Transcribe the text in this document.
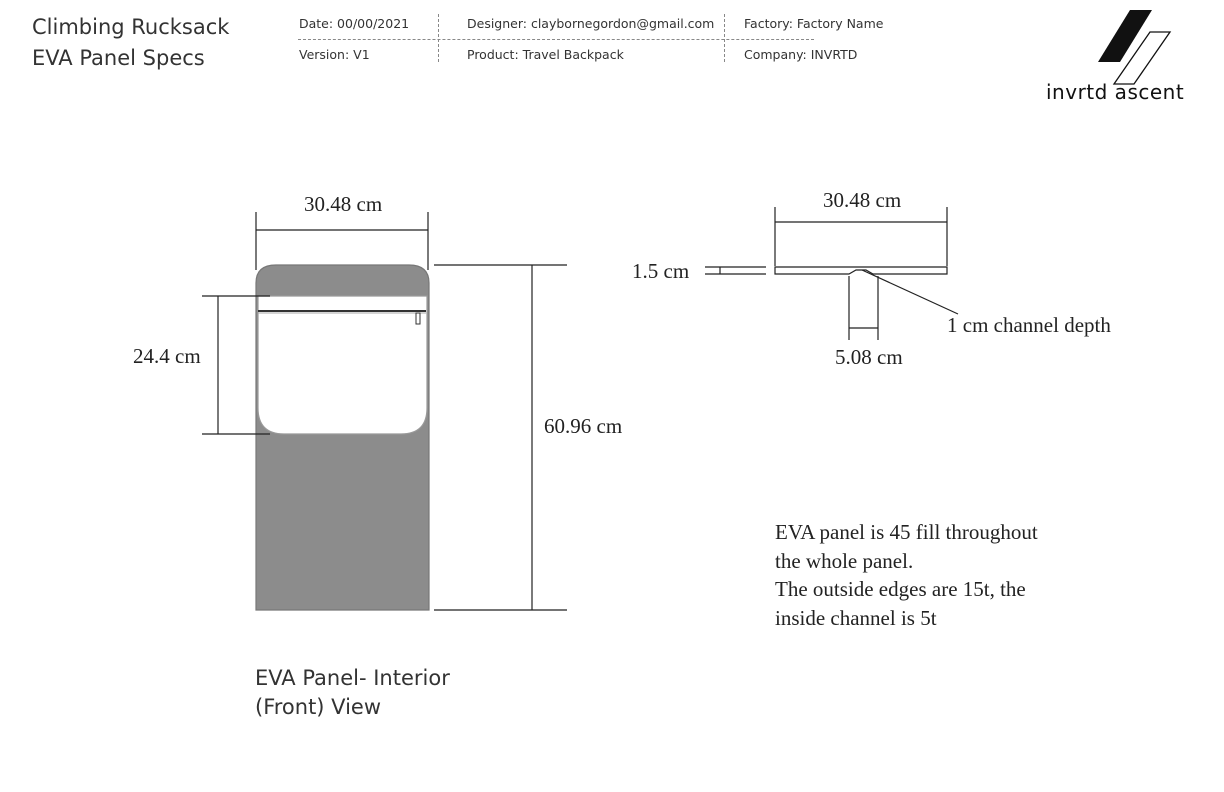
Climbing Rucksack
EVA Panel Specs
Date: 00/00/2021
Version: V1
Designer: claybornegordon@gmail.com
Product: Travel Backpack
Factory: Factory Name
Company: INVRTD
invrtd ascent
30.48 cm
24.4 cm
60.96 cm
30.48 cm
1.5 cm
1 cm channel depth
5.08 cm
EVA Panel- Interior
(Front) View
EVA panel is 45 fill throughout
the whole panel.
The outside edges are 15t, the
inside channel is 5t
